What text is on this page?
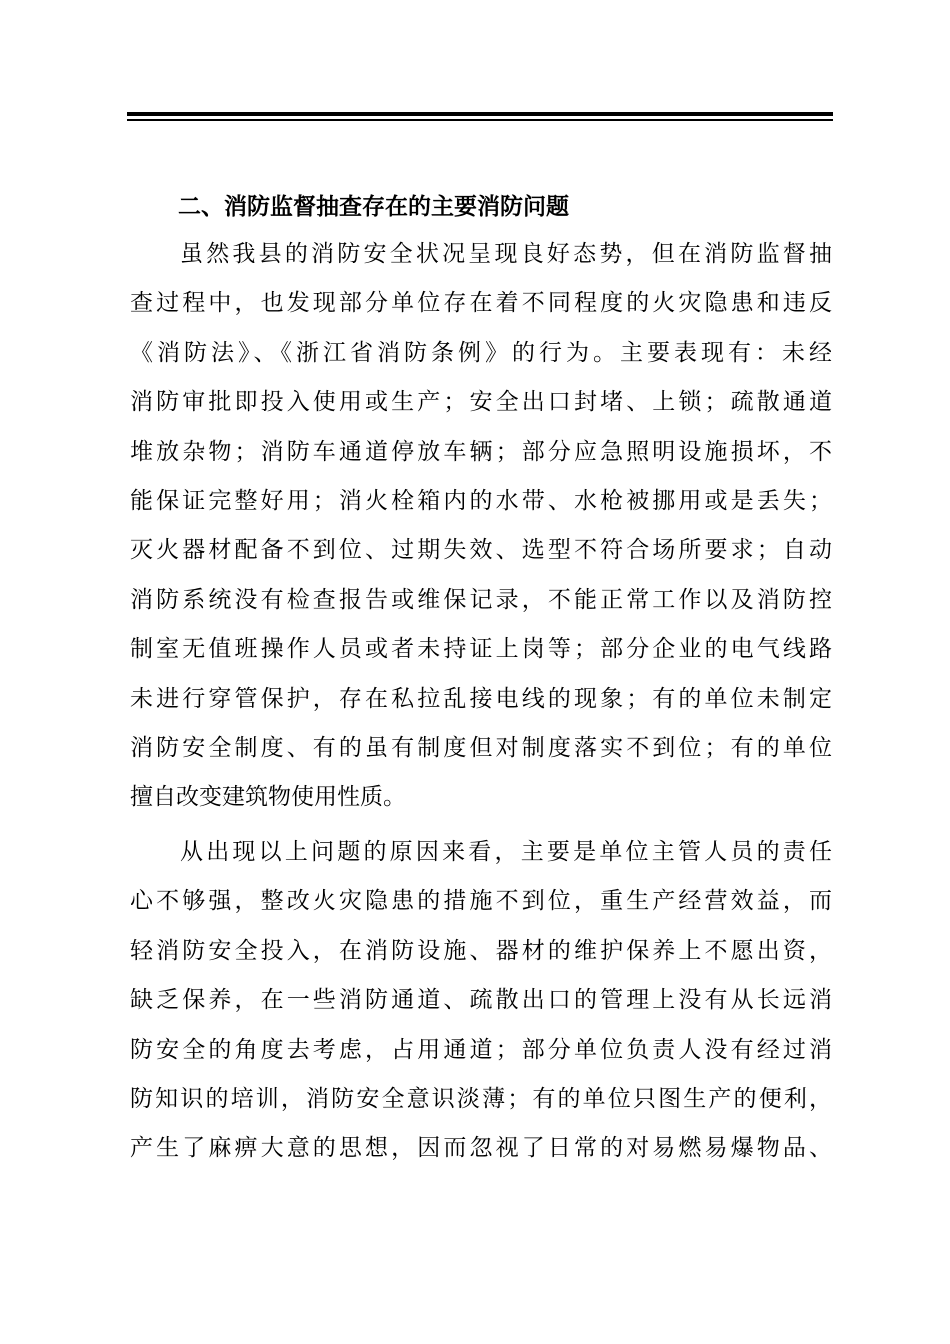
二、消防监督抽查存在的主要消防问题
虽然我县的消防安全状况呈现良好态势，但在消防监督抽
查过程中，也发现部分单位存在着不同程度的火灾隐患和违反
《消防法》、《浙江省消防条例》的行为。主要表现有：未经
消防审批即投入使用或生产；安全出口封堵、上锁；疏散通道
堆放杂物；消防车通道停放车辆；部分应急照明设施损坏，不
能保证完整好用；消火栓箱内的水带、水枪被挪用或是丢失；
灭火器材配备不到位、过期失效、选型不符合场所要求；自动
消防系统没有检查报告或维保记录，不能正常工作以及消防控
制室无值班操作人员或者未持证上岗等；部分企业的电气线路
未进行穿管保护，存在私拉乱接电线的现象；有的单位未制定
消防安全制度、有的虽有制度但对制度落实不到位；有的单位
擅自改变建筑物使用性质。
从出现以上问题的原因来看，主要是单位主管人员的责任
心不够强，整改火灾隐患的措施不到位，重生产经营效益，而
轻消防安全投入，在消防设施、器材的维护保养上不愿出资，
缺乏保养，在一些消防通道、疏散出口的管理上没有从长远消
防安全的角度去考虑，占用通道；部分单位负责人没有经过消
防知识的培训，消防安全意识淡薄；有的单位只图生产的便利，
产生了麻痹大意的思想，因而忽视了日常的对易燃易爆物品、
